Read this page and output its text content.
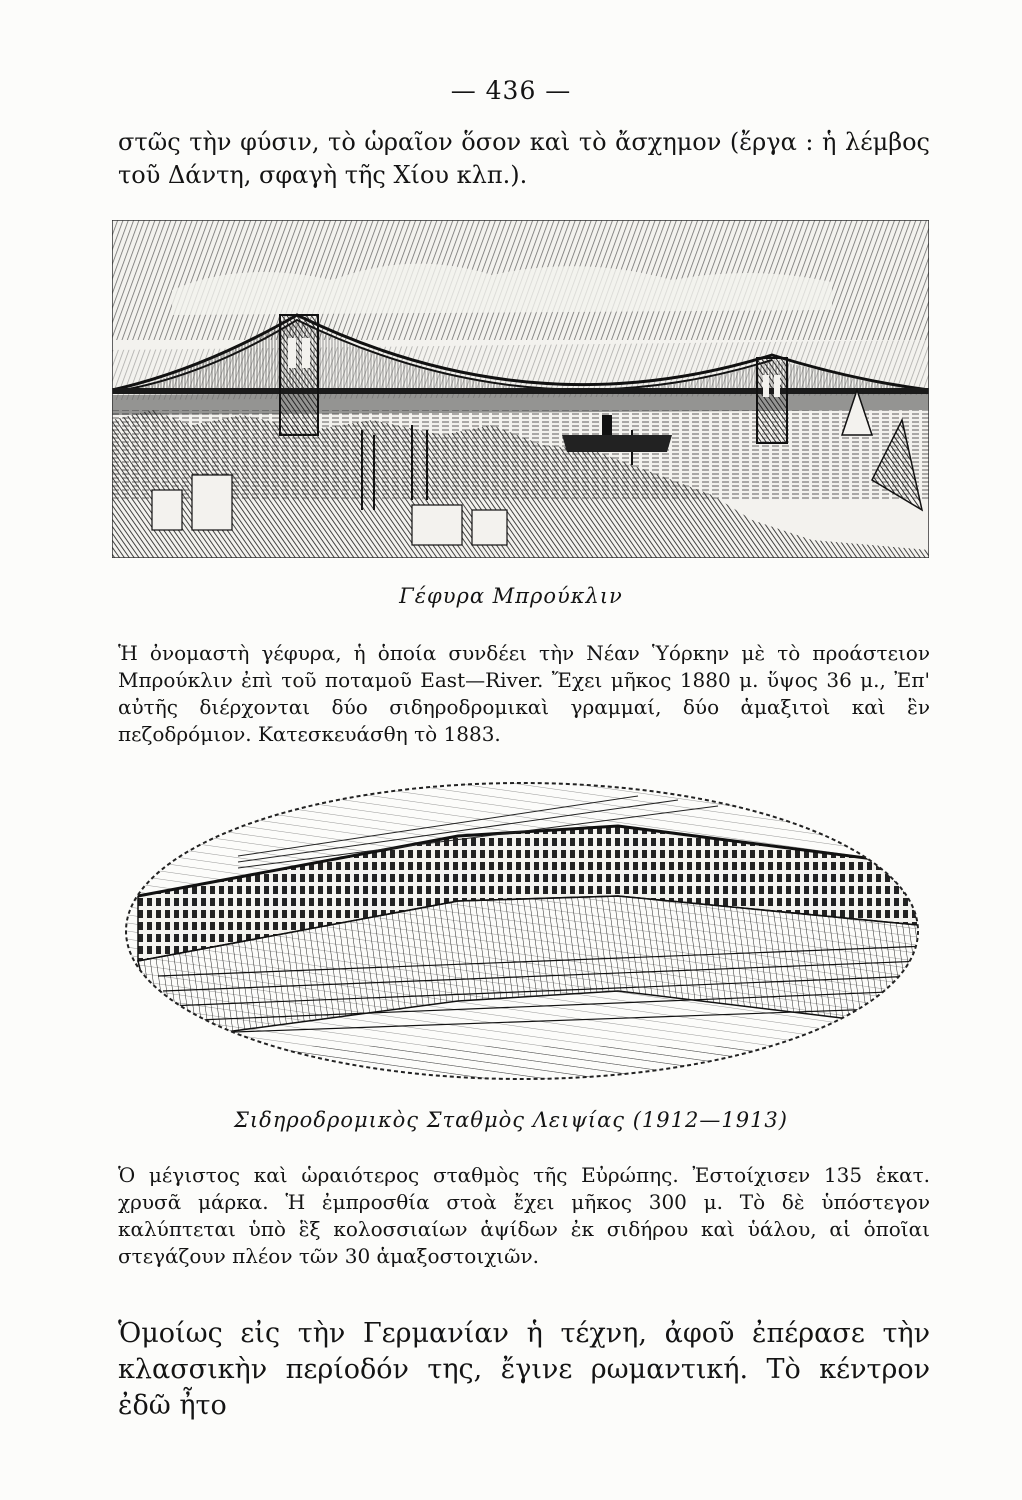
— 436 —

στῶς τὴν φύσιν, τὸ ὡραῖον ὅσον καὶ τὸ ἄσχημον (ἔργα : ἡ λέμβος τοῦ Δάντη, σφαγὴ τῆς Χίου κλπ.).

Γέφυρα Μπρούκλιν

Ἡ ὀνομαστὴ γέφυρα, ἡ ὁποία συνδέει τὴν Νέαν Ὑόρκην μὲ τὸ προάστειον Μπρούκλιν ἐπὶ τοῦ ποταμοῦ East—River. Ἔχει μῆκος 1880 μ. ὕψος 36 μ., Ἐπ' αὐτῆς διέρχονται δύο σιδηροδρομικαὶ γραμμαί, δύο ἁμαξιτοὶ καὶ ἓν πεζοδρόμιον. Κατεσκευάσθη τὸ 1883.

Σιδηροδρομικὸς Σταθμὸς Λειψίας (1912—1913)

Ὁ μέγιστος καὶ ὡραιότερος σταθμὸς τῆς Εὐρώπης. Ἐστοίχισεν 135 ἑκατ. χρυσᾶ μάρκα. Ἡ ἐμπροσθία στοὰ ἔχει μῆκος 300 μ. Τὸ δὲ ὑπόστεγον καλύπτεται ὑπὸ ἓξ κολοσσιαίων ἁψίδων ἐκ σιδήρου καὶ ὑάλου, αἱ ὁποῖαι στεγάζουν πλέον τῶν 30 ἁμαξοστοιχιῶν.

Ὁμοίως εἰς τὴν Γερμανίαν ἡ τέχνη, ἀφοῦ ἐπέρασε τὴν κλασσικὴν περίοδόν της, ἔγινε ρωμαντική. Τὸ κέντρον ἐδῶ ἦτο
